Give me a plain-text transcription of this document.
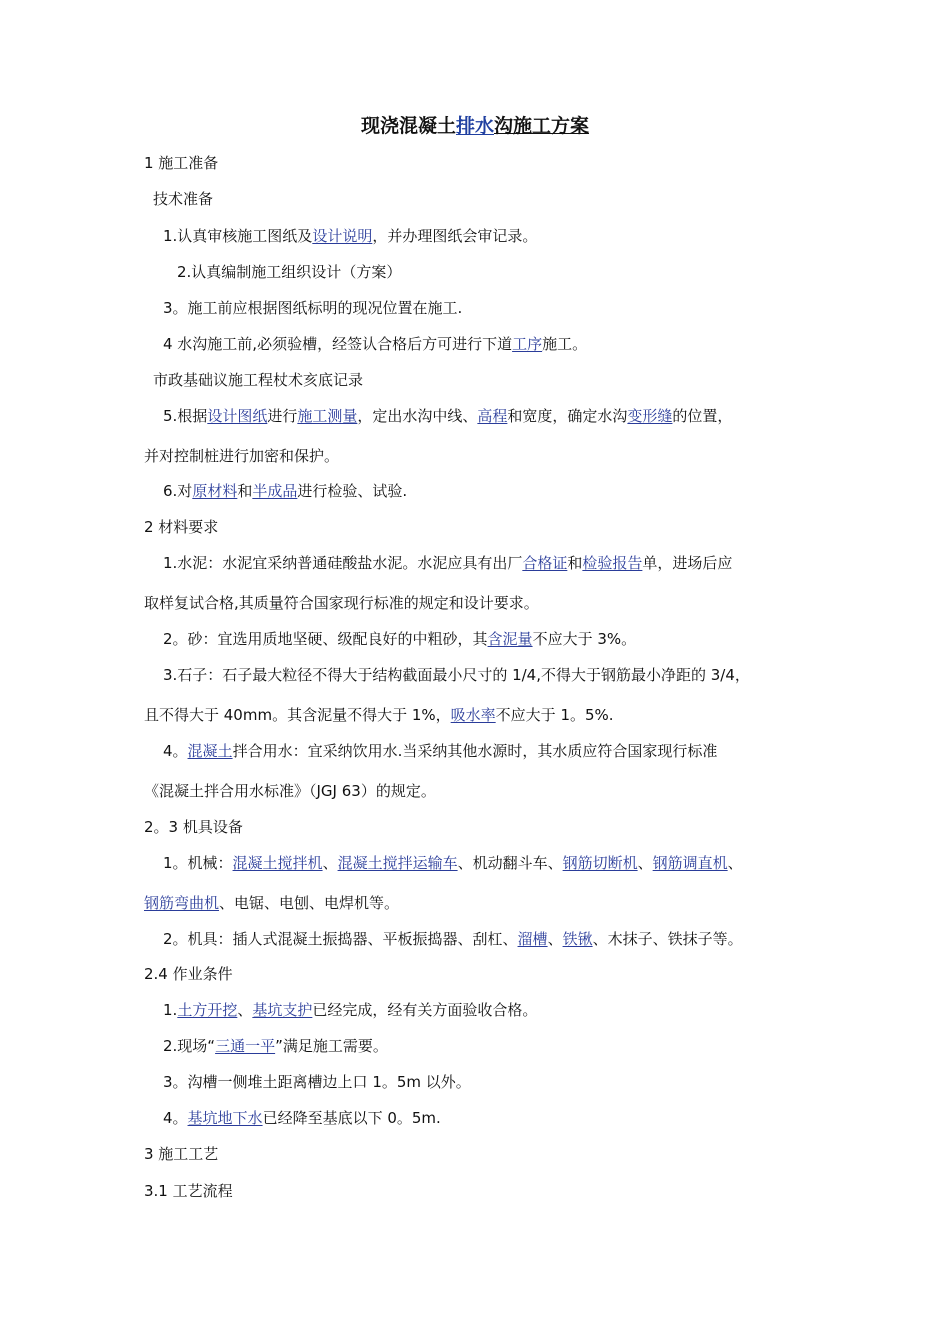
现浇混凝土排水沟施工方案
1 施工准备
技术准备
1.认真审核施工图纸及设计说明，并办理图纸会审记录。
2.认真编制施工组织设计（方案）
3。施工前应根据图纸标明的现况位置在施工.
4 水沟施工前,必须验槽，经签认合格后方可进行下道工序施工。
市政基础议施工程杖术亥底记录
5.根据设计图纸进行施工测量，定出水沟中线、高程和宽度，确定水沟变形缝的位置，
并对控制桩进行加密和保护。
6.对原材料和半成品进行检验、试验.
2 材料要求
1.水泥：水泥宜采纳普通硅酸盐水泥。水泥应具有出厂合格证和检验报告单，进场后应
取样复试合格,其质量符合国家现行标准的规定和设计要求。
2。砂：宜选用质地坚硬、级配良好的中粗砂，其含泥量不应大于 3%。
3.石子：石子最大粒径不得大于结构截面最小尺寸的 1/4,不得大于钢筋最小净距的 3/4，
且不得大于 40mm。其含泥量不得大于 1%，吸水率不应大于 1。5%.
4。混凝土拌合用水：宜采纳饮用水.当采纳其他水源时，其水质应符合国家现行标准
《混凝土拌合用水标准》（JGJ 63）的规定。
2。3 机具设备
1。机械：混凝土搅拌机、混凝土搅拌运输车、机动翻斗车、钢筋切断机、钢筋调直机、
钢筋弯曲机、电锯、电刨、电焊机等。
2。机具：插人式混凝土振捣器、平板振捣器、刮杠、溜槽、铁锹、木抹子、铁抹子等。
2.4 作业条件
1.土方开挖、基坑支护已经完成，经有关方面验收合格。
2.现场“三通一平”满足施工需要。
3。沟槽一侧堆土距离槽边上口 1。5m 以外。
4。基坑地下水已经降至基底以下 0。5m.
3 施工工艺
3.1 工艺流程
